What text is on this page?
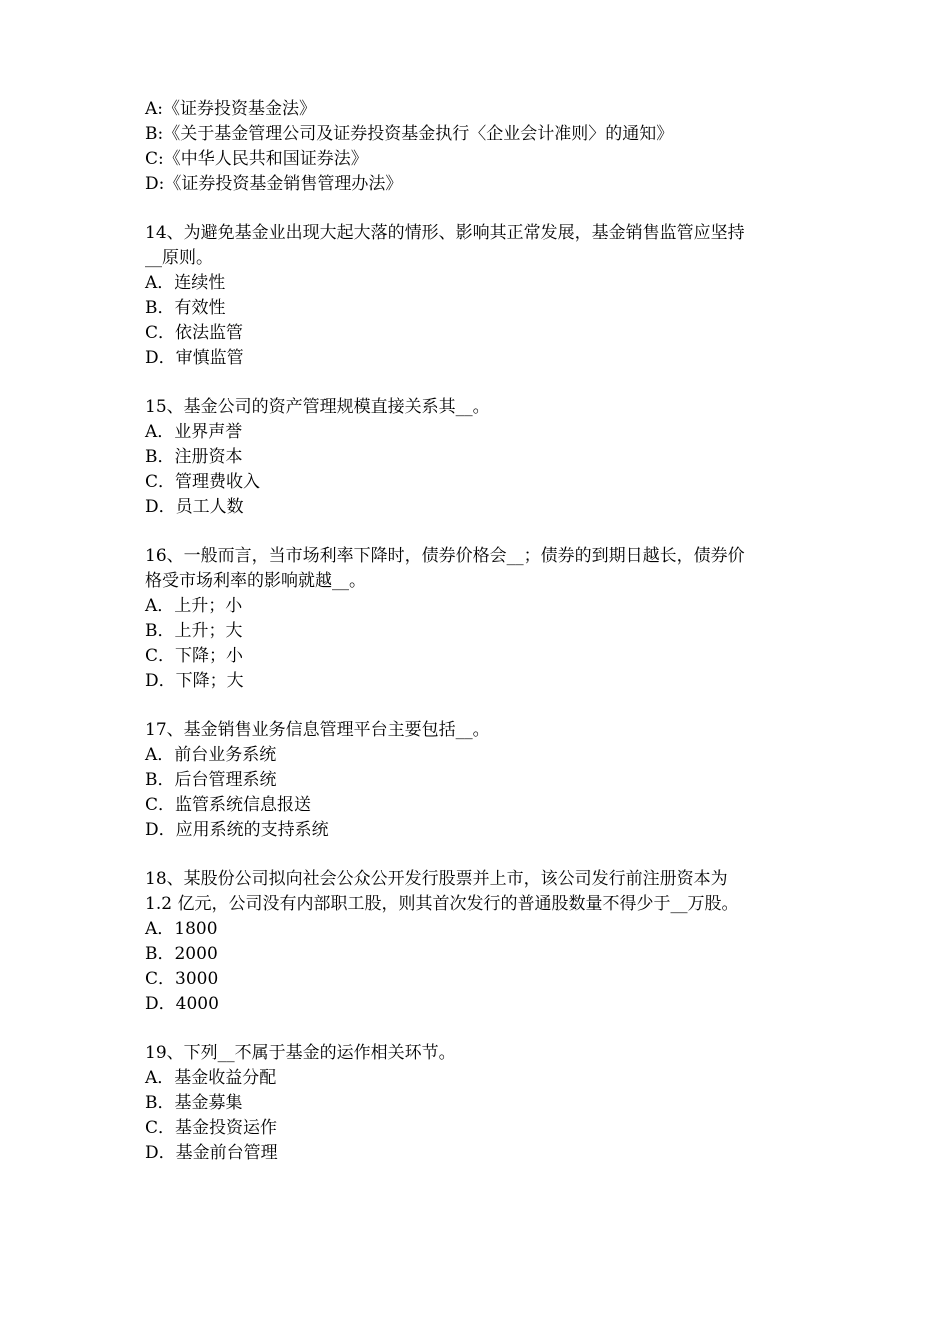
A:《证券投资基金法》
B:《关于基金管理公司及证券投资基金执行〈企业会计准则〉的通知》
C:《中华人民共和国证券法》
D:《证券投资基金销售管理办法》
14、为避免基金业出现大起大落的情形、影响其正常发展，基金销售监管应坚持
__原则。
A．连续性
B．有效性
C．依法监管
D．审慎监管
15、基金公司的资产管理规模直接关系其__。
A．业界声誉
B．注册资本
C．管理费收入
D．员工人数
16、一般而言，当市场利率下降时，债券价格会__；债券的到期日越长，债券价
格受市场利率的影响就越__。
A．上升；小
B．上升；大
C．下降；小
D．下降；大
17、基金销售业务信息管理平台主要包括__。
A．前台业务系统
B．后台管理系统
C．监管系统信息报送
D．应用系统的支持系统
18、某股份公司拟向社会公众公开发行股票并上市，该公司发行前注册资本为
1.2 亿元，公司没有内部职工股，则其首次发行的普通股数量不得少于__万股。
A．1800
B．2000
C．3000
D．4000
19、下列__不属于基金的运作相关环节。
A．基金收益分配
B．基金募集
C．基金投资运作
D．基金前台管理
